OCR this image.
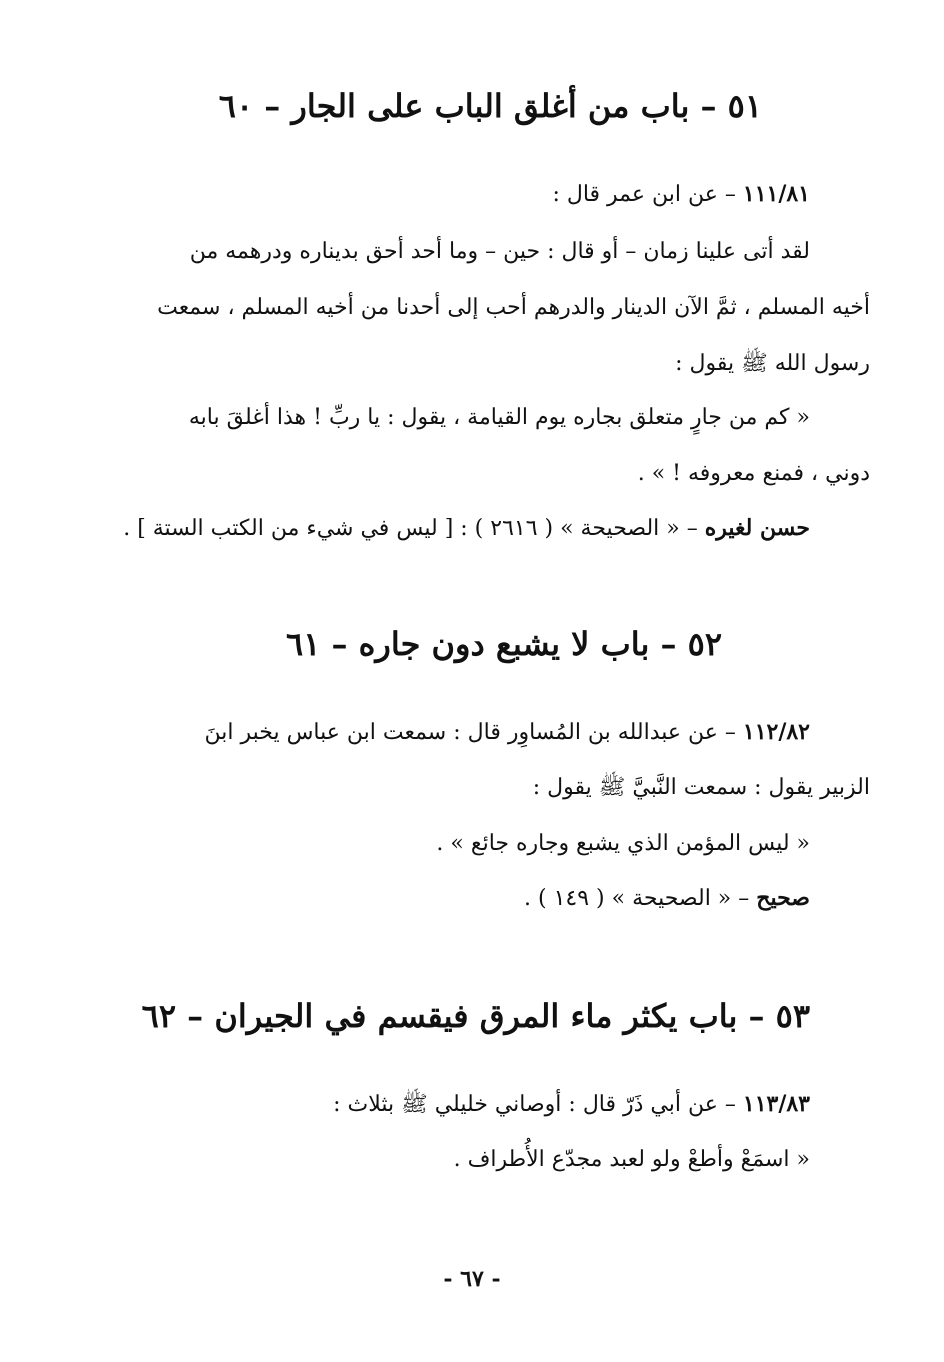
٥١ – باب من أغلق الباب على الجار – ٦٠
١١١/٨١ – عن ابن عمر قال :
لقد أتى علينا زمان – أو قال : حين – وما أحد أحق بديناره ودرهمه من
أخيه المسلم ، ثمَّ الآن الدينار والدرهم أحب إلى أحدنا من أخيه المسلم ، سمعت
رسول الله ﷺ يقول :
« كم من جارٍ متعلق بجاره يوم القيامة ، يقول : يا ربِّ ! هذا أغلقَ بابه
دوني ، فمنع معروفه ! » .
حسن لغيره – « الصحيحة » ( ٢٦١٦ ) : [ ليس في شيء من الكتب الستة ] .
٥٢ – باب لا يشبع دون جاره – ٦١
١١٢/٨٢ – عن عبدالله بن المُساوِر قال : سمعت ابن عباس يخبر ابنَ
الزبير يقول : سمعت النَّبيَّ ﷺ يقول :
« ليس المؤمن الذي يشبع وجاره جائع » .
صحيح – « الصحيحة » ( ١٤٩ ) .
٥٣ – باب يكثر ماء المرق فيقسم في الجيران – ٦٢
١١٣/٨٣ – عن أبي ذَرّ قال : أوصاني خليلي ﷺ بثلاث :
« اسمَعْ وأطعْ ولو لعبد مجدّع الأُطراف .
- ٦٧ -
